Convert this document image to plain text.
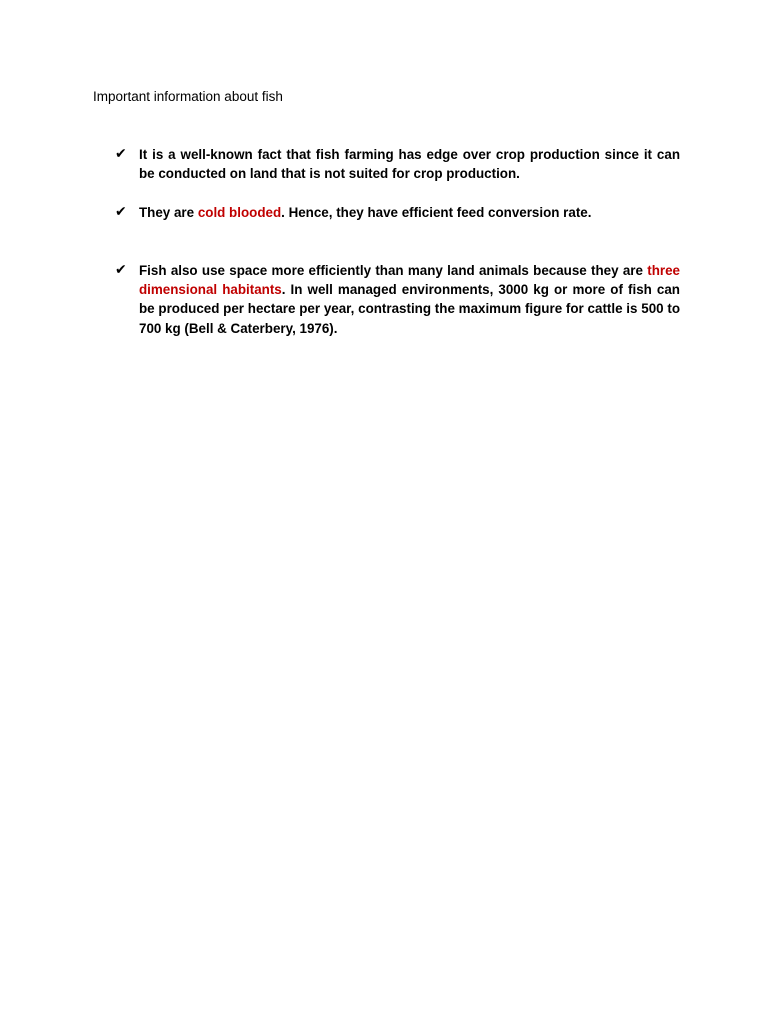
Important information about fish

✔ It is a well-known fact that fish farming has edge over crop production since it can be conducted on land that is not suited for crop production.
✔ They are cold blooded. Hence, they have efficient feed conversion rate.
✔ Fish also use space more efficiently than many land animals because they are three dimensional habitants. In well managed environments, 3000 kg or more of fish can be produced per hectare per year, contrasting the maximum figure for cattle is 500 to 700 kg (Bell & Caterbery, 1976).
